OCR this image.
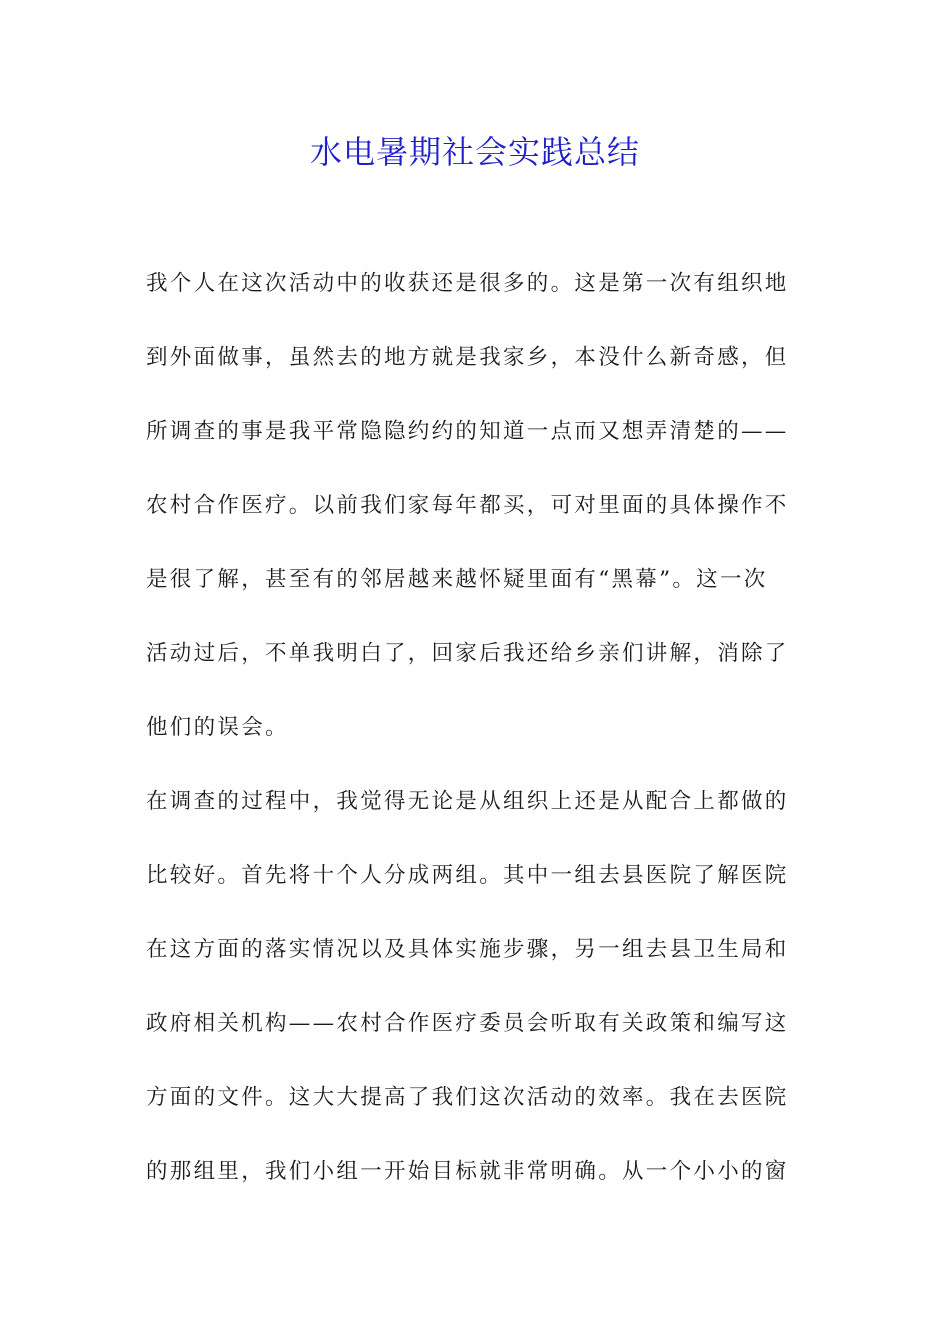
水电暑期社会实践总结
我个人在这次活动中的收获还是很多的。这是第一次有组织地
到外面做事，虽然去的地方就是我家乡，本没什么新奇感，但
所调查的事是我平常隐隐约约的知道一点而又想弄清楚的——
农村合作医疗。以前我们家每年都买，可对里面的具体操作不
是很了解，甚至有的邻居越来越怀疑里面有“黑幕”。这一次
活动过后，不单我明白了，回家后我还给乡亲们讲解，消除了
他们的误会。
在调查的过程中，我觉得无论是从组织上还是从配合上都做的
比较好。首先将十个人分成两组。其中一组去县医院了解医院
在这方面的落实情况以及具体实施步骤，另一组去县卫生局和
政府相关机构——农村合作医疗委员会听取有关政策和编写这
方面的文件。这大大提高了我们这次活动的效率。我在去医院
的那组里，我们小组一开始目标就非常明确。从一个小小的窗
